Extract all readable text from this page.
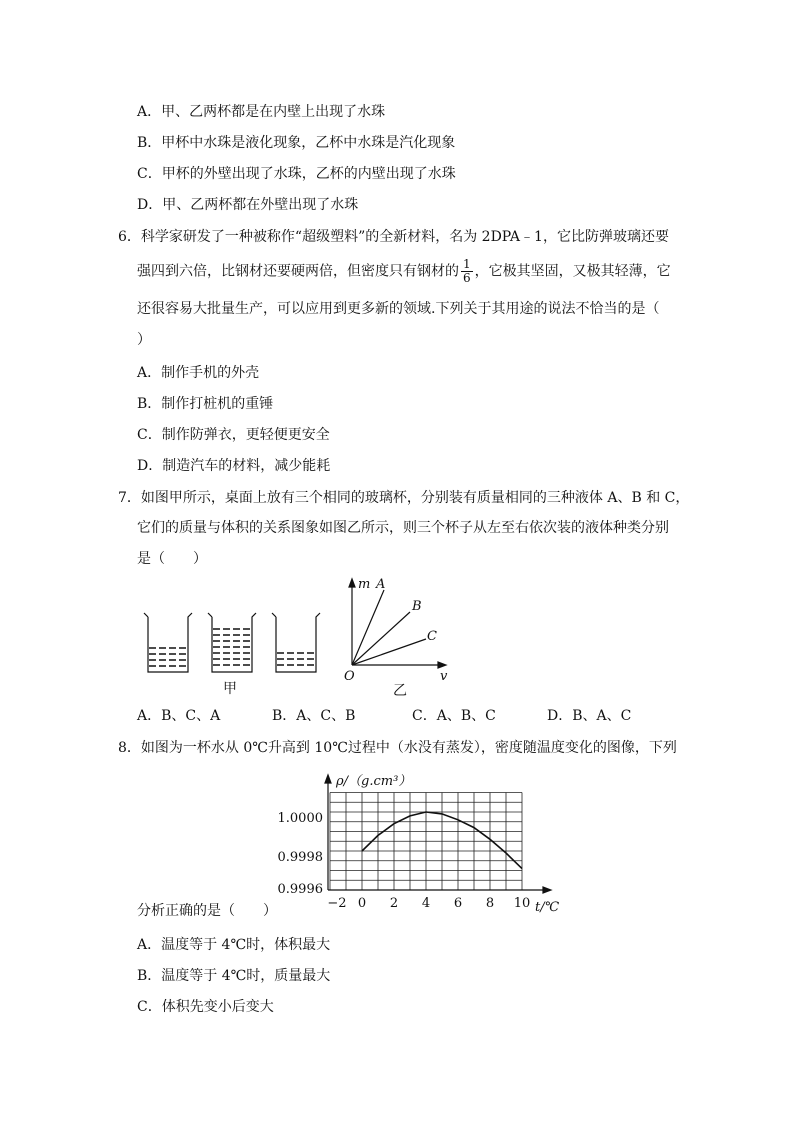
A．甲、乙两杯都是在内壁上出现了水珠
B．甲杯中水珠是液化现象，乙杯中水珠是汽化现象
C．甲杯的外壁出现了水珠，乙杯的内壁出现了水珠
D．甲、乙两杯都在外壁出现了水珠
6．科学家研发了一种被称作“超级塑料”的全新材料，名为 2DPA﹣1，它比防弹玻璃还要
强四到六倍，比钢材还要硬两倍，但密度只有钢材的 $\frac{1}{6}$ ，它极其坚固，又极其轻薄，它
还很容易大批量生产，可以应用到更多新的领域.下列关于其用途的说法不恰当的是（
）
A．制作手机的外壳
B．制作打桩机的重锤
C．制作防弹衣，更轻便更安全
D．制造汽车的材料，减少能耗
7．如图甲所示，桌面上放有三个相同的玻璃杯，分别装有质量相同的三种液体 A、B 和 C，
它们的质量与体积的关系图象如图乙所示，则三个杯子从左至右依次装的液体种类分别
是（　　）
甲
m A
B
C
O	v
乙
A．B、C、A	B．A、C、B	C．A、B、C	D．B、A、C
8．如图为一杯水从 0℃升高到 10℃过程中（水没有蒸发），密度随温度变化的图像，下列
ρ/（g.cm³）
t/℃
1.0000
0.9998
0.9996
−2 0 2 4 6 8 10
分析正确的是（　　）
A．温度等于 4℃时，体积最大
B．温度等于 4℃时，质量最大
C．体积先变小后变大
